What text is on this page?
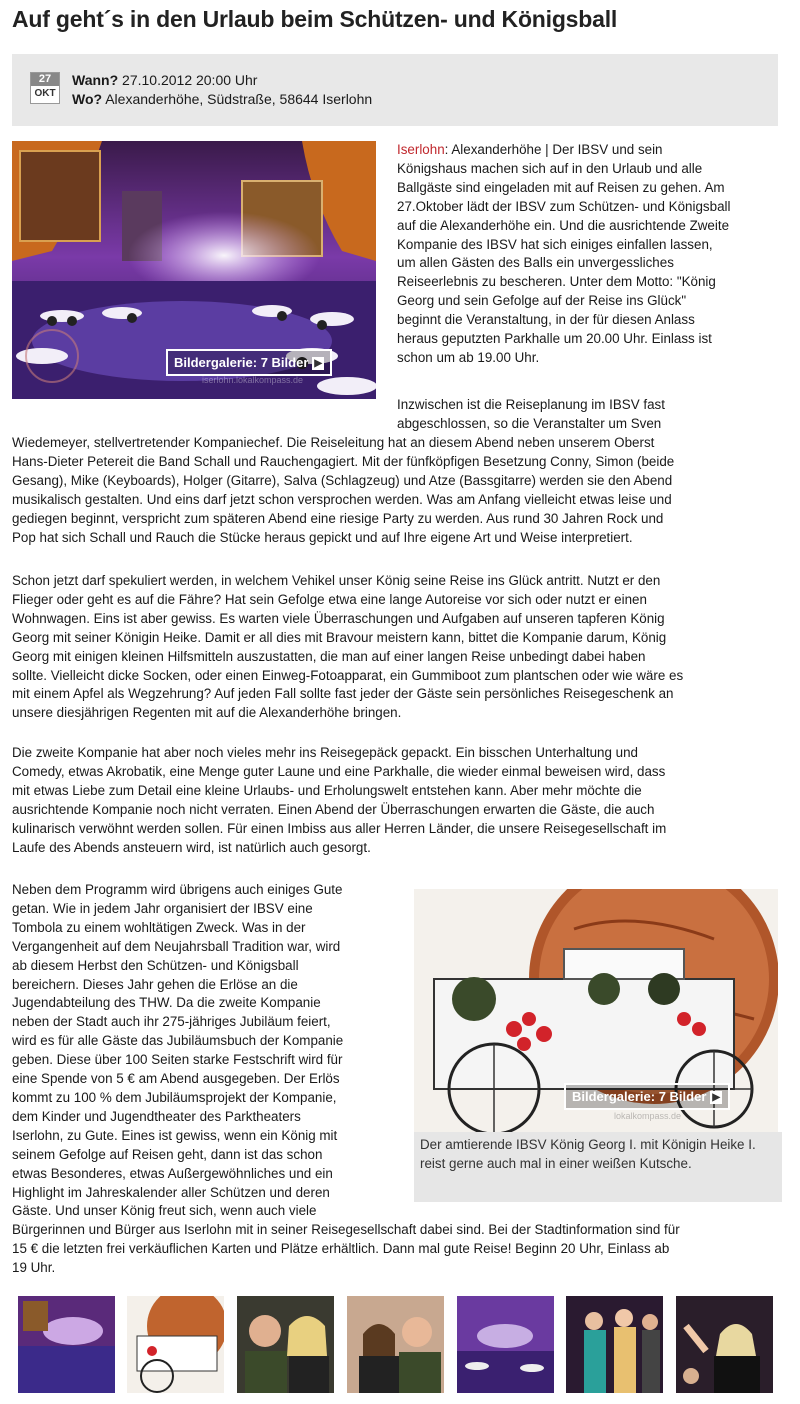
Auf geht´s in den Urlaub beim Schützen- und Königsball
27
OKT
Wann? 27.10.2012 20:00 Uhr
Wo? Alexanderhöhe, Südstraße, 58644 Iserlohn
Bildergalerie: 7 Bilder ▶
iserlohn.lokalkompass.de

Iserlohn: Alexanderhöhe | Der IBSV und sein
Königshaus machen sich auf in den Urlaub und alle
Ballgäste sind eingeladen mit auf Reisen zu gehen. Am
27.Oktober lädt der IBSV zum Schützen- und Königsball
auf die Alexanderhöhe ein. Und die ausrichtende Zweite
Kompanie des IBSV hat sich einiges einfallen lassen,
um allen Gästen des Balls ein unvergessliches
Reiseerlebnis zu bescheren. Unter dem Motto: "König
Georg und sein Gefolge auf der Reise ins Glück"
beginnt die Veranstaltung, in der für diesen Anlass
heraus geputzten Parkhalle um 20.00 Uhr. Einlass ist
schon um ab 19.00 Uhr.

Inzwischen ist die Reiseplanung im IBSV fast
abgeschlossen, so die Veranstalter um Sven

Wiedemeyer, stellvertretender Kompaniechef. Die Reiseleitung hat an diesem Abend neben unserem Oberst
Hans-Dieter Petereit die Band Schall und Rauchengagiert. Mit der fünfköpfigen Besetzung Conny, Simon (beide
Gesang), Mike (Keyboards), Holger (Gitarre), Salva (Schlagzeug) und Atze (Bassgitarre) werden sie den Abend
musikalisch gestalten. Und eins darf jetzt schon versprochen werden. Was am Anfang vielleicht etwas leise und
gediegen beginnt, verspricht zum späteren Abend eine riesige Party zu werden. Aus rund 30 Jahren Rock und
Pop hat sich Schall und Rauch die Stücke heraus gepickt und auf Ihre eigene Art und Weise interpretiert.

Schon jetzt darf spekuliert werden, in welchem Vehikel unser König seine Reise ins Glück antritt. Nutzt er den
Flieger oder geht es auf die Fähre? Hat sein Gefolge etwa eine lange Autoreise vor sich oder nutzt er einen
Wohnwagen. Eins ist aber gewiss. Es warten viele Überraschungen und Aufgaben auf unseren tapferen König
Georg mit seiner Königin Heike. Damit er all dies mit Bravour meistern kann, bittet die Kompanie darum, König
Georg mit einigen kleinen Hilfsmitteln auszustatten, die man auf einer langen Reise unbedingt dabei haben
sollte. Vielleicht dicke Socken, oder einen Einweg-Fotoapparat, ein Gummiboot zum plantschen oder wie wäre es
mit einem Apfel als Wegzehrung? Auf jeden Fall sollte fast jeder der Gäste sein persönliches Reisegeschenk an
unsere diesjährigen Regenten mit auf die Alexanderhöhe bringen.

Die zweite Kompanie hat aber noch vieles mehr ins Reisegepäck gepackt. Ein bisschen Unterhaltung und
Comedy, etwas Akrobatik, eine Menge guter Laune und eine Parkhalle, die wieder einmal beweisen wird, dass
mit etwas Liebe zum Detail eine kleine Urlaubs- und Erholungswelt entstehen kann. Aber mehr möchte die
ausrichtende Kompanie noch nicht verraten. Einen Abend der Überraschungen erwarten die Gäste, die auch
kulinarisch verwöhnt werden sollen. Für einen Imbiss aus aller Herren Länder, die unsere Reisegesellschaft im
Laufe des Abends ansteuern wird, ist natürlich auch gesorgt.

Neben dem Programm wird übrigens auch einiges Gute
getan. Wie in jedem Jahr organisiert der IBSV eine
Tombola zu einem wohltätigen Zweck. Was in der
Vergangenheit auf dem Neujahrsball Tradition war, wird
ab diesem Herbst den Schützen- und Königsball
bereichern. Dieses Jahr gehen die Erlöse an die
Jugendabteilung des THW. Da die zweite Kompanie
neben der Stadt auch ihr 275-jähriges Jubiläum feiert,
wird es für alle Gäste das Jubiläumsbuch der Kompanie
geben. Diese über 100 Seiten starke Festschrift wird für
eine Spende von 5 € am Abend ausgegeben. Der Erlös
kommt zu 100 % dem Jubiläumsprojekt der Kompanie,
dem Kinder und Jugendtheater des Parktheaters
Iserlohn, zu Gute. Eines ist gewiss, wenn ein König mit
seinem Gefolge auf Reisen geht, dann ist das schon
etwas Besonderes, etwas Außergewöhnliches und ein
Highlight im Jahreskalender aller Schützen und deren
Gäste. Und unser König freut sich, wenn auch viele

Bürgerinnen und Bürger aus Iserlohn mit in seiner Reisegesellschaft dabei sind. Bei der Stadtinformation sind für
15 € die letzten frei verkäuflichen Karten und Plätze erhältlich. Dann mal gute Reise! Beginn 20 Uhr, Einlass ab
19 Uhr.

Bildergalerie: 7 Bilder ▶
lokalkompass.de
Der amtierende IBSV König Georg I. mit Königin Heike I. reist gerne auch mal in einer weißen Kutsche.
